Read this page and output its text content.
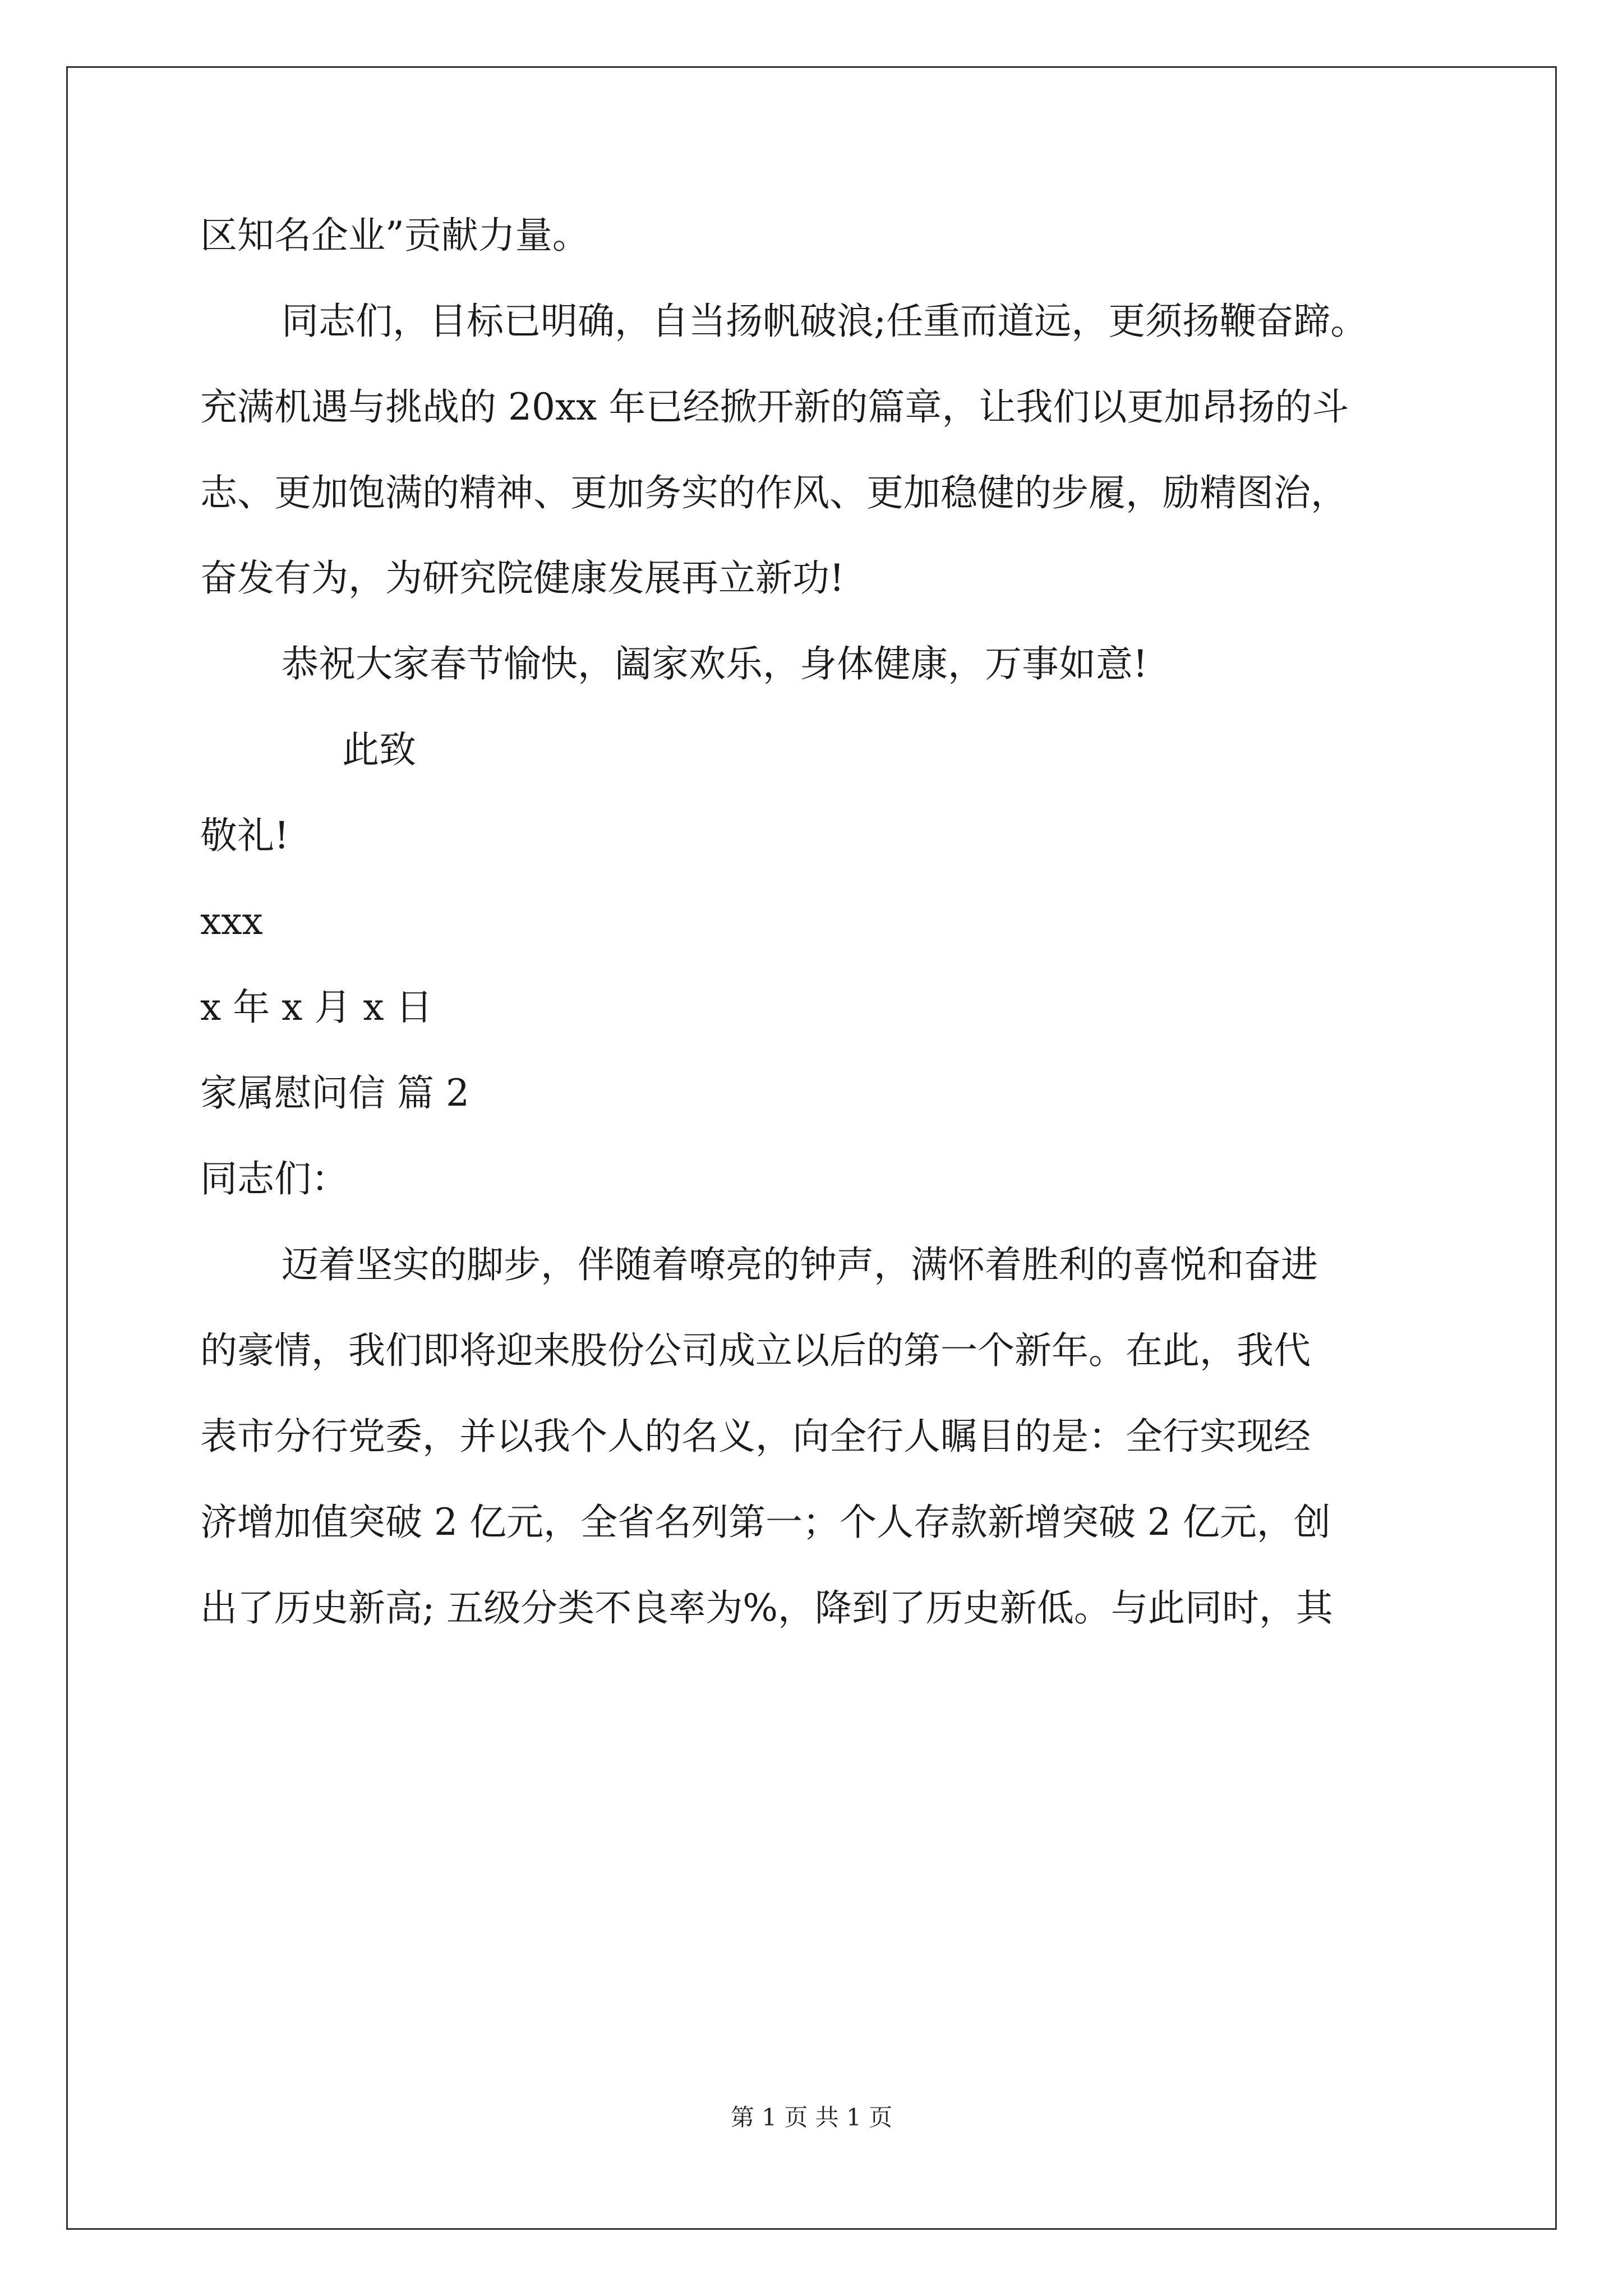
区知名企业”贡献力量。
同志们，目标已明确，自当扬帆破浪;任重而道远，更须扬鞭奋蹄。
充满机遇与挑战的 20xx 年已经掀开新的篇章，让我们以更加昂扬的斗
志、更加饱满的精神、更加务实的作风、更加稳健的步履，励精图治，
奋发有为，为研究院健康发展再立新功!
恭祝大家春节愉快，阖家欢乐，身体健康，万事如意!
此致
敬礼!
xxx
x 年 x 月 x 日
家属慰问信 篇 2
同志们：
迈着坚实的脚步，伴随着嘹亮的钟声，满怀着胜利的喜悦和奋进
的豪情，我们即将迎来股份公司成立以后的第一个新年。在此，我代
表市分行党委，并以我个人的名义，向全行人瞩目的是：全行实现经
济增加值突破 2 亿元，全省名列第一；个人存款新增突破 2 亿元，创
出了历史新高; 五级分类不良率为%，降到了历史新低。与此同时，其
第 1 页 共 1 页
